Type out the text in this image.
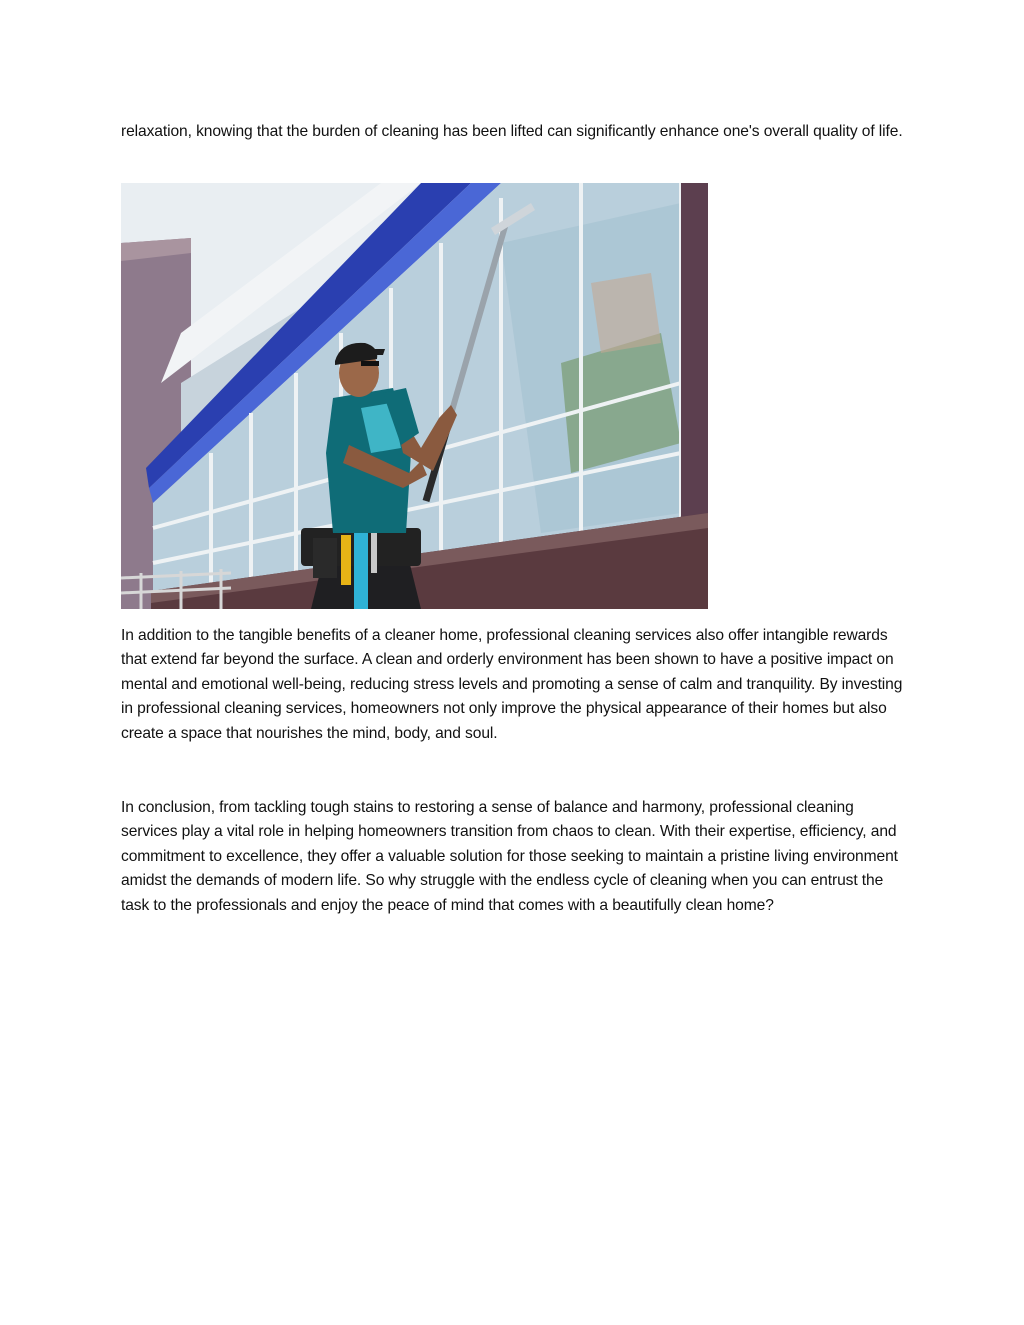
relaxation, knowing that the burden of cleaning has been lifted can significantly enhance one's overall quality of life.

In addition to the tangible benefits of a cleaner home, professional cleaning services also offer intangible rewards that extend far beyond the surface. A clean and orderly environment has been shown to have a positive impact on mental and emotional well-being, reducing stress levels and promoting a sense of calm and tranquility. By investing in professional cleaning services, homeowners not only improve the physical appearance of their homes but also create a space that nourishes the mind, body, and soul.

In conclusion, from tackling tough stains to restoring a sense of balance and harmony, professional cleaning services play a vital role in helping homeowners transition from chaos to clean. With their expertise, efficiency, and commitment to excellence, they offer a valuable solution for those seeking to maintain a pristine living environment amidst the demands of modern life. So why struggle with the endless cycle of cleaning when you can entrust the task to the professionals and enjoy the peace of mind that comes with a beautifully clean home?
